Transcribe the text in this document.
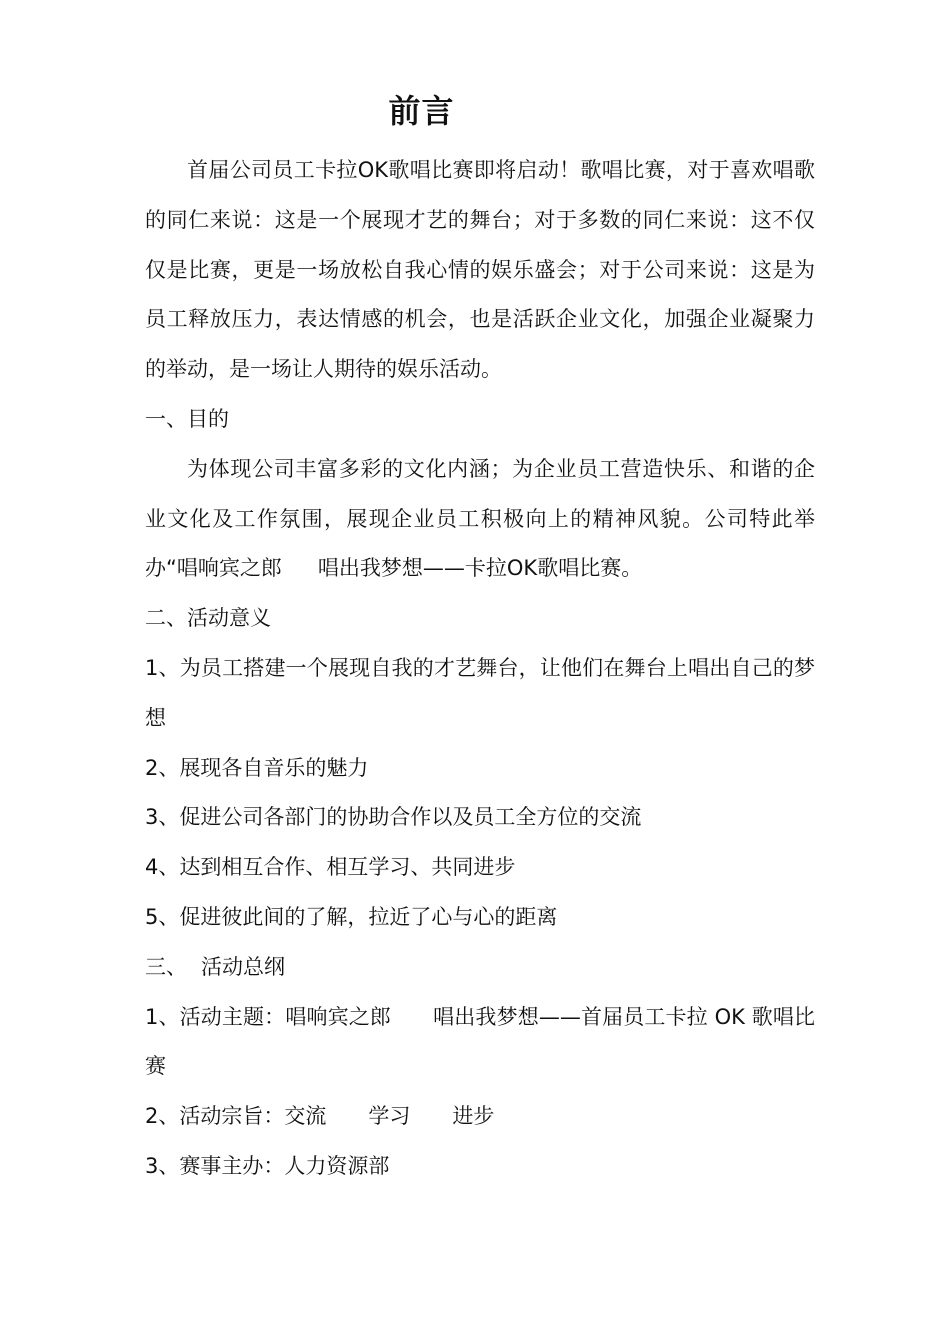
前言

首届公司员工卡拉OK歌唱比赛即将启动！歌唱比赛，对于喜欢唱歌的同仁来说：这是一个展现才艺的舞台；对于多数的同仁来说：这不仅仅是比赛，更是一场放松自我心情的娱乐盛会；对于公司来说：这是为员工释放压力，表达情感的机会，也是活跃企业文化，加强企业凝聚力的举动，是一场让人期待的娱乐活动。

一、目的

为体现公司丰富多彩的文化内涵；为企业员工营造快乐、和谐的企业文化及工作氛围，展现企业员工积极向上的精神风貌。公司特此举办“唱响宾之郎 唱出我梦想——卡拉OK歌唱比赛。

二、活动意义

1、为员工搭建一个展现自我的才艺舞台，让他们在舞台上唱出自己的梦想

2、展现各自音乐的魅力

3、促进公司各部门的协助合作以及员工全方位的交流

4、达到相互合作、相互学习、共同进步

5、促进彼此间的了解，拉近了心与心的距离

三、 活动总纲

1、活动主题：唱响宾之郎 唱出我梦想——首届员工卡拉 OK 歌唱比赛

2、活动宗旨：交流 学习 进步

3、赛事主办：人力资源部
